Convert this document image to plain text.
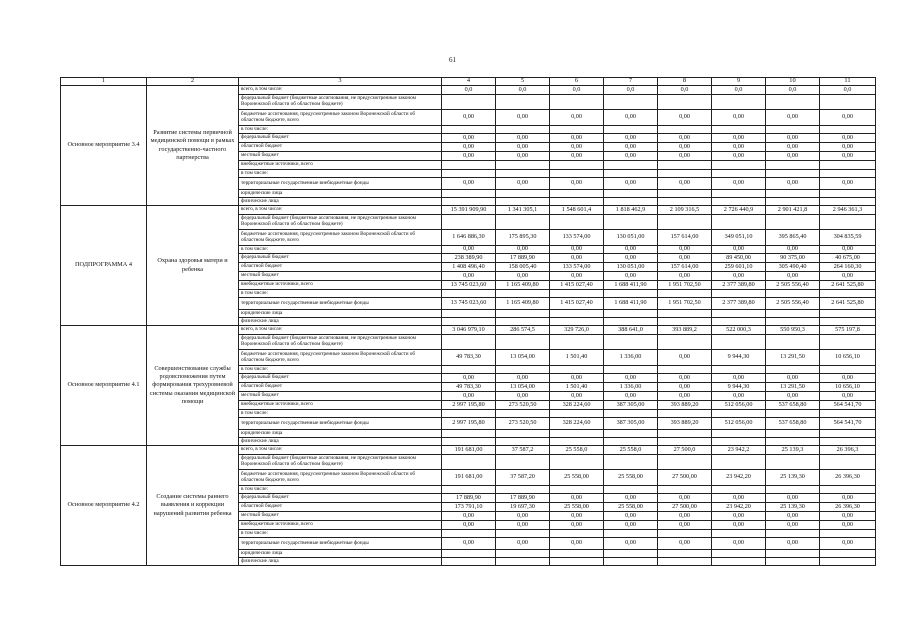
61
1	2	3	4	5	6	7	8	9	10	11
Основное мероприятие 3.4	Развитие системы первичной медицинской помощи в рамках государственно-частного партнерства	всего, в том числе:	0,0	0,0	0,0	0,0	0,0	0,0	0,0	0,0
		федеральный бюджет (бюджетные ассигнования, не предусмотренные законом Воронежской области об областном бюджете)								
		бюджетные ассигнования, предусмотренные законом Воронежской области об областном бюджете, всего	0,00	0,00	0,00	0,00	0,00	0,00	0,00	0,00
		в том числе:								
		федеральный бюджет	0,00	0,00	0,00	0,00	0,00	0,00	0,00	0,00
		областной бюджет	0,00	0,00	0,00	0,00	0,00	0,00	0,00	0,00
		местный бюджет	0,00	0,00	0,00	0,00	0,00	0,00	0,00	0,00
		внебюджетные источники, всего								
		в том числе:								
		территориальные государственные внебюджетные фонды	0,00	0,00	0,00	0,00	0,00	0,00	0,00	0,00
		юридические лица								
		физические лица								
ПОДПРОГРАММА 4	Охрана здоровья матери и ребенка	всего, в том числе:	15 391 909,90	1 341 305,1	1 548 601,4	1 818 462,9	2 109 316,5	2 726 440,9	2 901 421,8	2 946 361,3
		федеральный бюджет (бюджетные ассигнования, не предусмотренные законом Воронежской области об областном бюджете)								
		бюджетные ассигнования, предусмотренные законом Воронежской области об областном бюджете, всего	1 646 886,30	175 895,30	133 574,00	130 051,00	157 614,00	349 051,10	395 865,40	304 835,59
		в том числе:	0,00	0,00	0,00	0,00	0,00	0,00	0,00	0,00
		федеральный бюджет	238 389,90	17 889,90	0,00	0,00	0,00	89 450,00	90 375,00	40 675,00
		областной бюджет	1 408 496,40	158 005,40	133 574,00	130 051,00	157 614,00	259 601,10	305 490,40	264 160,30
		местный бюджет	0,00	0,00	0,00	0,00	0,00	0,00	0,00	0,00
		внебюджетные источники, всего	13 745 023,60	1 165 409,80	1 415 027,40	1 688 411,90	1 951 702,50	2 377 389,80	2 505 556,40	2 641 525,80
		в том числе:								
		территориальные государственные внебюджетные фонды	13 745 023,60	1 165 409,80	1 415 027,40	1 688 411,90	1 951 702,50	2 377 389,80	2 505 556,40	2 641 525,80
		юридические лица								
		физические лица								
Основное мероприятие 4.1	Совершенствование службы родовспоможения путем формирования трехуровневой системы оказания медицинской помощи	всего, в том числе:	3 046 979,10	286 574,5	329 726,0	388 641,0	393 889,2	522 000,3	550 950,3	575 197,8
		федеральный бюджет (бюджетные ассигнования, не предусмотренные законом Воронежской области об областном бюджете)								
		бюджетные ассигнования, предусмотренные законом Воронежской области об областном бюджете, всего	49 783,30	13 054,00	1 501,40	1 336,00	0,00	9 944,30	13 291,50	10 656,10
		в том числе:								
		федеральный бюджет	0,00	0,00	0,00	0,00	0,00	0,00	0,00	0,00
		областной бюджет	49 783,30	13 054,00	1 501,40	1 336,00	0,00	9 944,30	13 291,50	10 656,10
		местный бюджет	0,00	0,00	0,00	0,00	0,00	0,00	0,00	0,00
		внебюджетные источники, всего	2 997 195,80	273 520,50	328 224,60	387 305,00	393 889,20	512 056,00	537 658,80	564 541,70
		в том числе:								
		территориальные государственные внебюджетные фонды	2 997 195,80	273 520,50	328 224,60	387 305,00	393 889,20	512 056,00	537 658,80	564 541,70
		юридические лица								
		физические лица								
Основное мероприятие 4.2	Создание системы раннего выявления и коррекции нарушений развития ребенка	всего, в том числе:	191 681,00	37 587,2	25 558,0	25 558,0	27 500,0	23 942,2	25 139,3	26 396,3
		федеральный бюджет (бюджетные ассигнования, не предусмотренные законом Воронежской области об областном бюджете)								
		бюджетные ассигнования, предусмотренные законом Воронежской области об областном бюджете, всего	191 681,00	37 587,20	25 558,00	25 558,00	27 500,00	23 942,20	25 139,30	26 396,30
		в том числе:								
		федеральный бюджет	17 889,90	17 889,90	0,00	0,00	0,00	0,00	0,00	0,00
		областной бюджет	173 791,10	19 697,30	25 558,00	25 558,00	27 500,00	23 942,20	25 139,30	26 396,30
		местный бюджет	0,00	0,00	0,00	0,00	0,00	0,00	0,00	0,00
		внебюджетные источники, всего	0,00	0,00	0,00	0,00	0,00	0,00	0,00	0,00
		в том числе:								
		территориальные государственные внебюджетные фонды	0,00	0,00	0,00	0,00	0,00	0,00	0,00	0,00
		юридические лица								
		физические лица								
